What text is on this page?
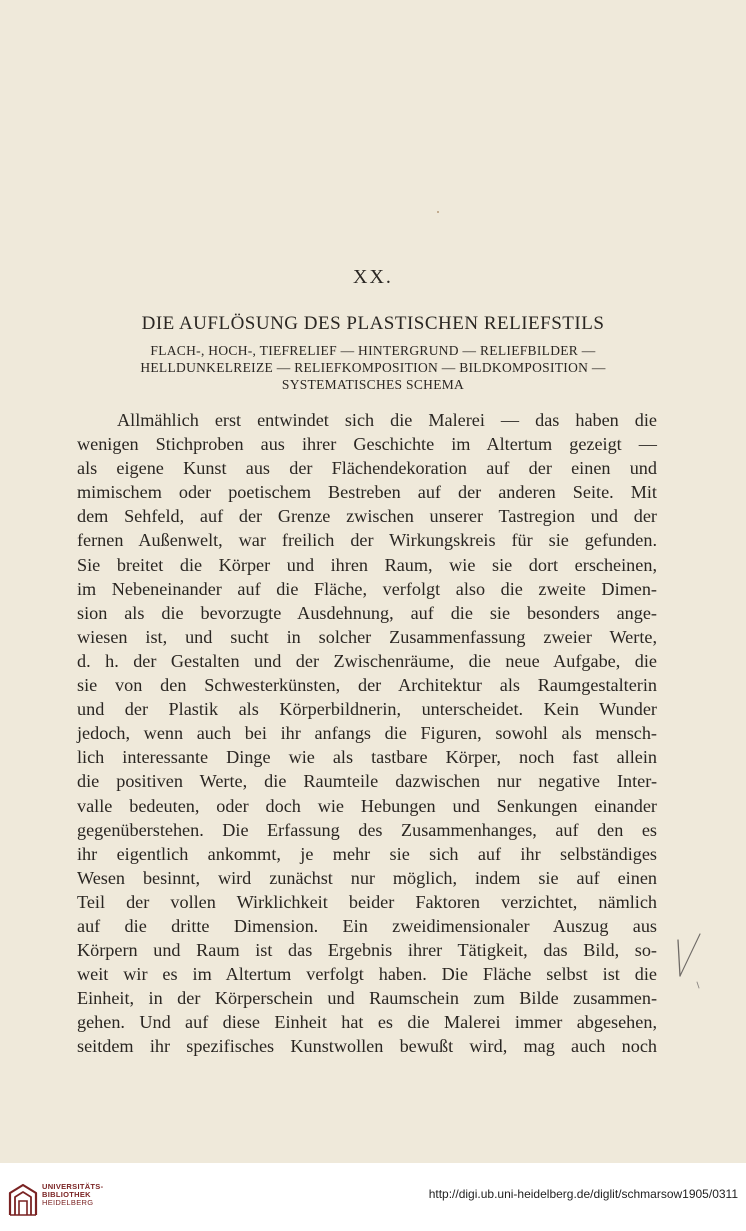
XX.
DIE AUFLÖSUNG DES PLASTISCHEN RELIEFSTILS
FLACH-, HOCH-, TIEFRELIEF — HINTERGRUND — RELIEFBILDER —
HELLDUNKELREIZE — RELIEFKOMPOSITION — BILDKOMPOSITION —
SYSTEMATISCHES SCHEMA
Allmählich erst entwindet sich die Malerei — das haben die
wenigen Stichproben aus ihrer Geschichte im Altertum gezeigt —
als eigene Kunst aus der Flächendekoration auf der einen und
mimischem oder poetischem Bestreben auf der anderen Seite. Mit
dem Sehfeld, auf der Grenze zwischen unserer Tastregion und der
fernen Außenwelt, war freilich der Wirkungskreis für sie gefunden.
Sie breitet die Körper und ihren Raum, wie sie dort erscheinen,
im Nebeneinander auf die Fläche, verfolgt also die zweite Dimen-
sion als die bevorzugte Ausdehnung, auf die sie besonders ange-
wiesen ist, und sucht in solcher Zusammenfassung zweier Werte,
d. h. der Gestalten und der Zwischenräume, die neue Aufgabe, die
sie von den Schwesterkünsten, der Architektur als Raumgestalterin
und der Plastik als Körperbildnerin, unterscheidet. Kein Wunder
jedoch, wenn auch bei ihr anfangs die Figuren, sowohl als mensch-
lich interessante Dinge wie als tastbare Körper, noch fast allein
die positiven Werte, die Raumteile dazwischen nur negative Inter-
valle bedeuten, oder doch wie Hebungen und Senkungen einander
gegenüberstehen. Die Erfassung des Zusammenhanges, auf den es
ihr eigentlich ankommt, je mehr sie sich auf ihr selbständiges
Wesen besinnt, wird zunächst nur möglich, indem sie auf einen
Teil der vollen Wirklichkeit beider Faktoren verzichtet, nämlich
auf die dritte Dimension. Ein zweidimensionaler Auszug aus
Körpern und Raum ist das Ergebnis ihrer Tätigkeit, das Bild, so-
weit wir es im Altertum verfolgt haben. Die Fläche selbst ist die
Einheit, in der Körperschein und Raumschein zum Bilde zusammen-
gehen. Und auf diese Einheit hat es die Malerei immer abgesehen,
seitdem ihr spezifisches Kunstwollen bewußt wird, mag auch noch
UNIVERSITÄTS-
BIBLIOTHEK
HEIDELBERG
http://digi.ub.uni-heidelberg.de/diglit/schmarsow1905/0311
